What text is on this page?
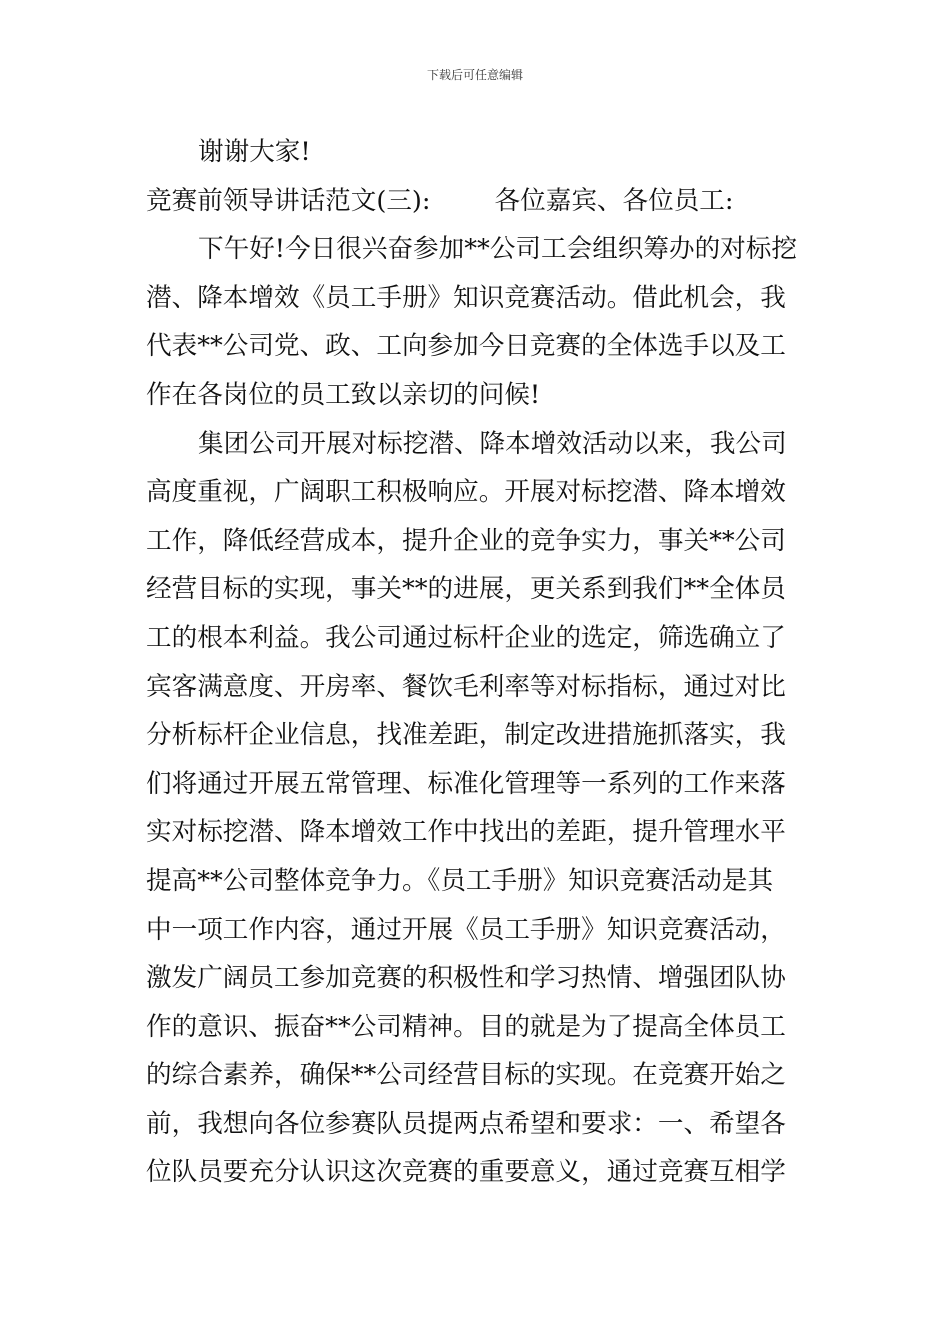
下载后可任意编辑
谢谢大家!
竞赛前领导讲话范文(三):	各位嘉宾、各位员工:
下午好!今日很兴奋参加**公司工会组织筹办的对标挖
潜、降本增效《员工手册》知识竞赛活动。借此机会，我
代表**公司党、政、工向参加今日竞赛的全体选手以及工
作在各岗位的员工致以亲切的问候!
集团公司开展对标挖潜、降本增效活动以来，我公司
高度重视，广阔职工积极响应。开展对标挖潜、降本增效
工作，降低经营成本，提升企业的竞争实力，事关**公司
经营目标的实现，事关**的进展，更关系到我们**全体员
工的根本利益。我公司通过标杆企业的选定，筛选确立了
宾客满意度、开房率、餐饮毛利率等对标指标，通过对比
分析标杆企业信息，找准差距，制定改进措施抓落实，我
们将通过开展五常管理、标准化管理等一系列的工作来落
实对标挖潜、降本增效工作中找出的差距，提升管理水平
提高**公司整体竞争力。《员工手册》知识竞赛活动是其
中一项工作内容，通过开展《员工手册》知识竞赛活动，
激发广阔员工参加竞赛的积极性和学习热情、增强团队协
作的意识、振奋**公司精神。目的就是为了提高全体员工
的综合素养，确保**公司经营目标的实现。在竞赛开始之
前，我想向各位参赛队员提两点希望和要求：一、希望各
位队员要充分认识这次竞赛的重要意义，通过竞赛互相学
